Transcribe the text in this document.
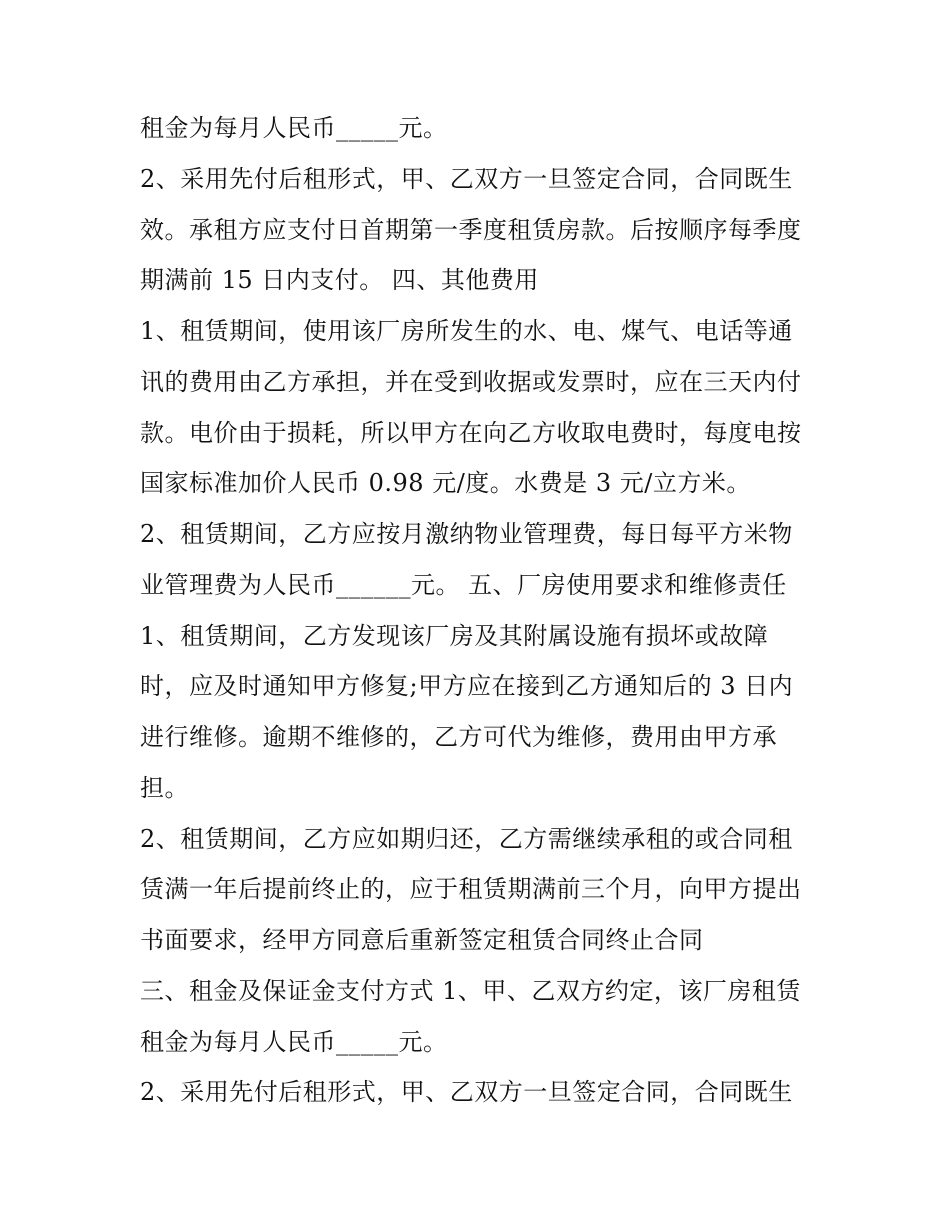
租金为每月人民币_____元。
2、采用先付后租形式，甲、乙双方一旦签定合同，合同既生
效。承租方应支付日首期第一季度租赁房款。后按顺序每季度
期满前 15 日内支付。 四、其他费用
1、租赁期间，使用该厂房所发生的水、电、煤气、电话等通
讯的费用由乙方承担，并在受到收据或发票时，应在三天内付
款。电价由于损耗，所以甲方在向乙方收取电费时，每度电按
国家标准加价人民币 0.98 元/度。水费是 3 元/立方米。
2、租赁期间，乙方应按月激纳物业管理费，每日每平方米物
业管理费为人民币______元。 五、厂房使用要求和维修责任
1、租赁期间，乙方发现该厂房及其附属设施有损坏或故障
时，应及时通知甲方修复;甲方应在接到乙方通知后的 3 日内
进行维修。逾期不维修的，乙方可代为维修，费用由甲方承
担。
2、租赁期间，乙方应如期归还，乙方需继续承租的或合同租
赁满一年后提前终止的，应于租赁期满前三个月，向甲方提出
书面要求，经甲方同意后重新签定租赁合同终止合同
三、租金及保证金支付方式 1、甲、乙双方约定，该厂房租赁
租金为每月人民币_____元。
2、采用先付后租形式，甲、乙双方一旦签定合同，合同既生
